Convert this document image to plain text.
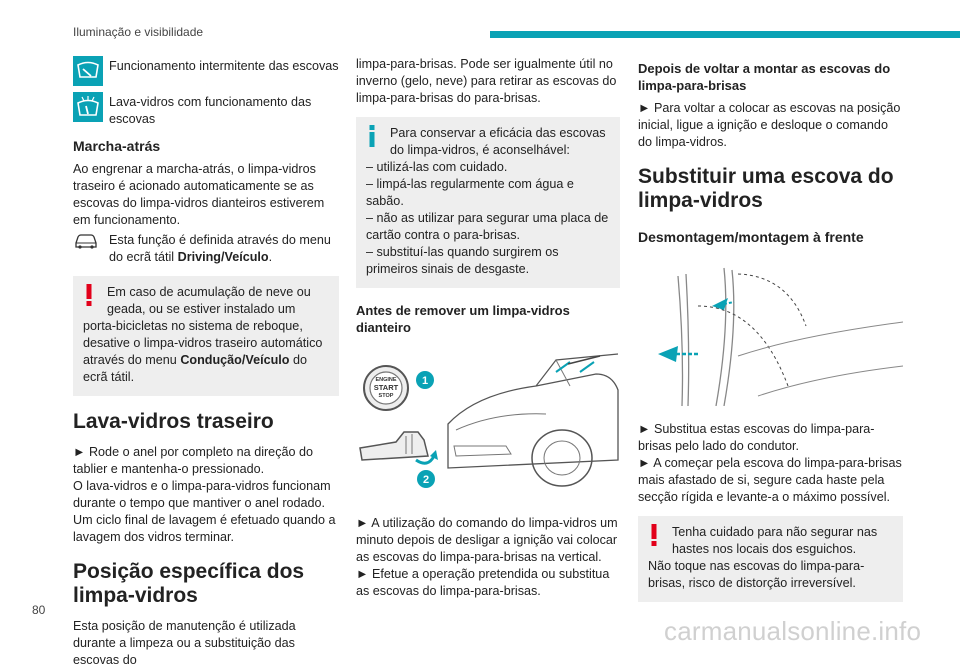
Iluminação e visibilidade
Funcionamento intermitente das escovas
Lava-vidros com funcionamento das escovas
Marcha-atrás

Ao engrenar a marcha-atrás, o limpa-vidros traseiro é acionado automaticamente se as escovas do limpa-vidros dianteiros estiverem em funcionamento.

Esta função é definida através do menu do ecrã tátil Driving/Veículo.

Em caso de acumulação de neve ou geada, ou se estiver instalado um

porta-bicicletas no sistema de reboque, desative o limpa-vidros traseiro automático através do menu Condução/Veículo do ecrã tátil.

Lava-vidros traseiro

► Rode o anel por completo na direção do tablier e mantenha-o pressionado.

O lava-vidros e o limpa-para-vidros funcionam durante o tempo que mantiver o anel rodado.

Um ciclo final de lavagem é efetuado quando a lavagem dos vidros terminar.

Posição específica dos limpa-vidros

Esta posição de manutenção é utilizada durante a limpeza ou a substituição das escovas do

limpa-para-brisas. Pode ser igualmente útil no inverno (gelo, neve) para retirar as escovas do limpa-para-brisas do para-brisas.

Para conservar a eficácia das escovas do limpa-vidros, é aconselhável:

– utilizá-las com cuidado.

– limpá-las regularmente com água e sabão.

– não as utilizar para segurar uma placa de cartão contra o para-brisas.

– substituí-las quando surgirem os primeiros sinais de desgaste.

Antes de remover um limpa-vidros dianteiro
ENGINE
START
STOP
1
2

► A utilização do comando do limpa-vidros um minuto depois de desligar a ignição vai colocar as escovas do limpa-para-brisas na vertical.

► Efetue a operação pretendida ou substitua as escovas do limpa-para-brisas.

Depois de voltar a montar as escovas do limpa-para-brisas

► Para voltar a colocar as escovas na posição inicial, ligue a ignição e desloque o comando do limpa-vidros.

Substituir uma escova do limpa-vidros
Desmontagem/montagem à frente

► Substitua estas escovas do limpa-para-brisas pelo lado do condutor.

► A começar pela escova do limpa-para-brisas mais afastado de si, segure cada haste pela secção rígida e levante-a o máximo possível.

Tenha cuidado para não segurar nas hastes nos locais dos esguichos.

Não toque nas escovas do limpa-para-brisas, risco de distorção irreversível.

80
carmanualsonline.info
